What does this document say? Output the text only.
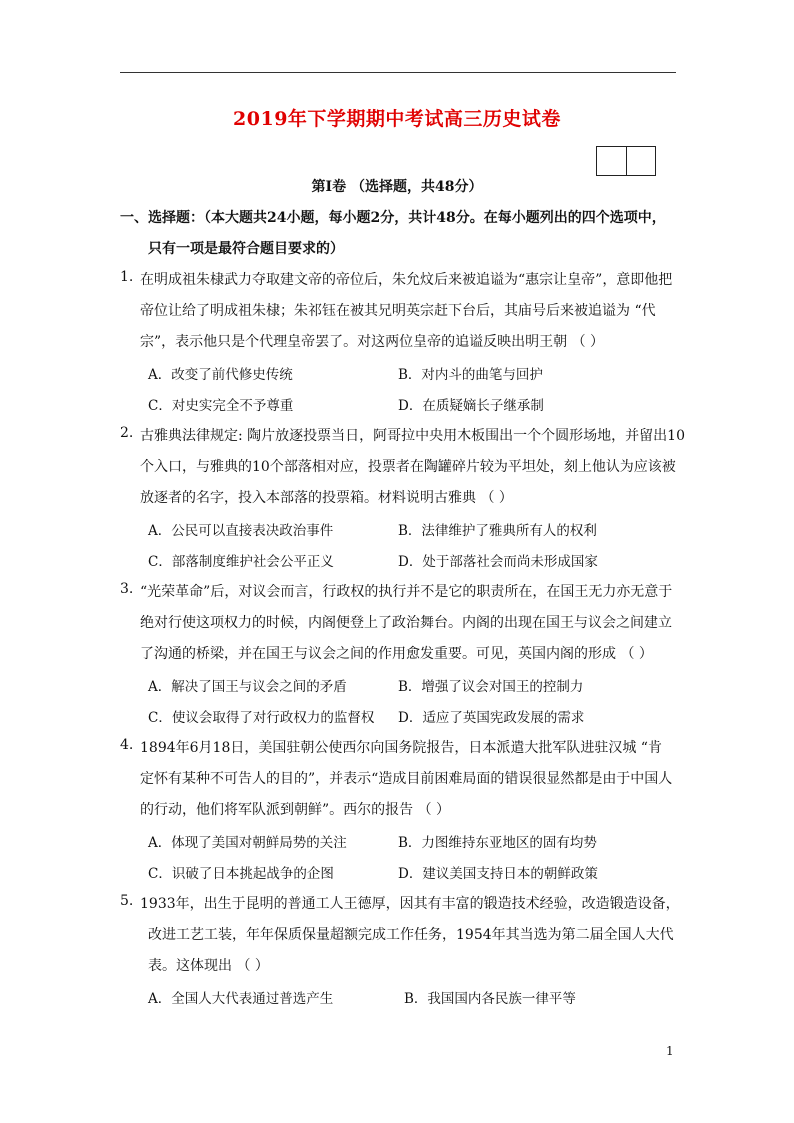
2019年下学期期中考试高三历史试卷
第Ⅰ卷 （选择题，共48分）
一、选择题：（本大题共24小题，每小题2分，共计48分。在每小题列出的四个选项中，
只有一项是最符合题目要求的）
1. 在明成祖朱棣武力夺取建文帝的帝位后，朱允炆后来被追谥为“惠宗让皇帝”，意即他把
帝位让给了明成祖朱棣；朱祁钰在被其兄明英宗赶下台后，其庙号后来被追谥为 “代
宗”，表示他只是个代理皇帝罢了。对这两位皇帝的追谥反映出明王朝 （ ）
A．改变了前代修史传统	B．对内斗的曲笔与回护
C．对史实完全不予尊重	D．在质疑嫡长子继承制
2. 古雅典法律规定: 陶片放逐投票当日，阿哥拉中央用木板围出一个个圆形场地，并留出10
个入口，与雅典的10个部落相对应，投票者在陶罐碎片较为平坦处，刻上他认为应该被
放逐者的名字，投入本部落的投票箱。材料说明古雅典 （ ）
A．公民可以直接表决政治事件	B．法律维护了雅典所有人的权利
C．部落制度维护社会公平正义	D．处于部落社会而尚未形成国家
3. “光荣革命”后，对议会而言，行政权的执行并不是它的职责所在，在国王无力亦无意于
绝对行使这项权力的时候，内阁便登上了政治舞台。内阁的出现在国王与议会之间建立
了沟通的桥梁，并在国王与议会之间的作用愈发重要。可见，英国内阁的形成 （ ）
A．解决了国王与议会之间的矛盾	B．增强了议会对国王的控制力
C．使议会取得了对行政权力的监督权 D．适应了英国宪政发展的需求
4. 1894年6月18日，美国驻朝公使西尔向国务院报告，日本派遣大批军队进驻汉城 “肯
定怀有某种不可告人的目的”，并表示“造成目前困难局面的错误很显然都是由于中国人
的行动，他们将军队派到朝鲜”。西尔的报告 （ ）
A．体现了美国对朝鲜局势的关注	B．力图维持东亚地区的固有均势
C．识破了日本挑起战争的企图	D．建议美国支持日本的朝鲜政策
5. 1933年，出生于昆明的普通工人王德厚，因其有丰富的锻造技术经验，改造锻造设备，
改进工艺工装，年年保质保量超额完成工作任务，1954年其当选为第二届全国人大代
表。这体现出 （ ）
A．全国人大代表通过普选产生	B．我国国内各民族一律平等
1
